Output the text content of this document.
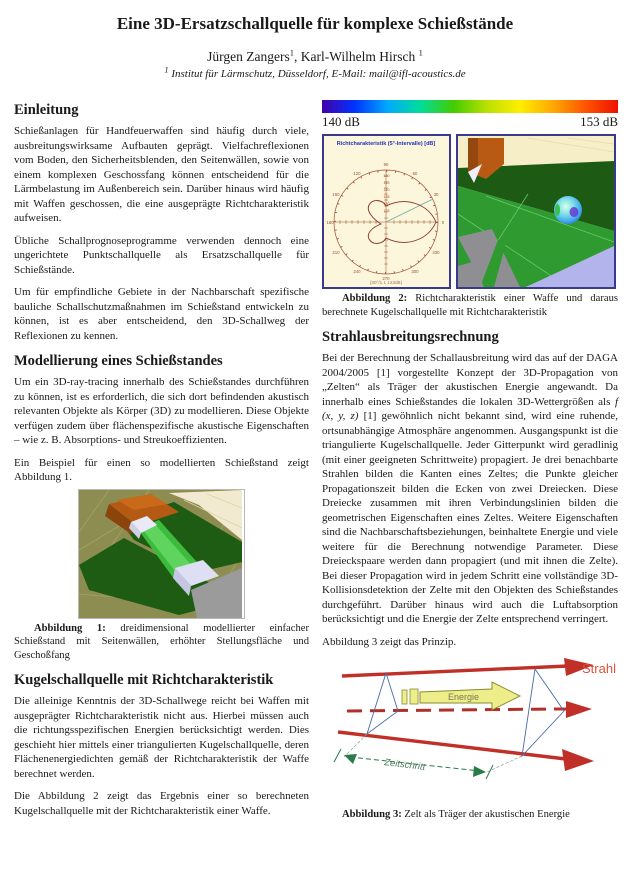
Eine 3D-Ersatzschallquelle für komplexe Schießstände
Jürgen Zangers$^1$, Karl-Wilhelm Hirsch $^1$
$^1$ Institut für Lärmschutz, Düsseldorf, E-Mail: mail@ifl-acoustics.de
Einleitung

Schießanlagen für Handfeuerwaffen sind häufig durch viele, ausbreitungswirksame Aufbauten geprägt. Vielfachreflexionen vom Boden, den Sicherheitsblenden, den Seitenwällen, sowie von einem komplexen Geschossfang können entscheidend für die Lärmbelastung im Außenbereich sein. Darüber hinaus wird häufig mit Waffen geschossen, die eine ausgeprägte Richtcharakteristik aufweisen.

Übliche Schallprognoseprogramme verwenden dennoch eine ungerichtete Punktschallquelle als Ersatzschallquelle für Schießstände.

Um für empfindliche Gebiete in der Nachbarschaft spezifische bauliche Schallschutzmaßnahmen im Schießstand entwickeln zu können, ist es aber entscheidend, den 3D-Schallweg der Reflexionen zu kennen.

Modellierung eines Schießstandes

Um ein 3D-ray-tracing innerhalb des Schießstandes durchführen zu können, ist es erforderlich, die sich dort befindenden akustisch relevanten Objekte als Körper (3D) zu modellieren. Diese Objekte verfügen zudem über flächenspezifische akustische Eigenschaften – wie z. B. Absorptions- und Streukoeffizienten.

Ein Beispiel für einen so modellierten Schießstand zeigt Abbildung 1.

Abbildung 1: dreidimensional modellierter einfacher Schießstand mit Seitenwällen, erhöhter Stellungsfläche und Geschoßfang
Kugelschallquelle mit Richtcharakteristik

Die alleinige Kenntnis der 3D-Schallwege reicht bei Waffen mit ausgeprägter Richtcharakteristik nicht aus. Hierbei müssen auch die richtungsspezifischen Energien berücksichtigt werden. Dies geschieht hier mittels einer triangulierten Kugelschallquelle, deren Flächenenergiedichten gemäß der Richtcharakteristik der Waffe berechnet werden.

Die Abbildung 2 zeigt das Ergebnis einer so berechneten Kugelschallquelle mit der Richtcharakteristik einer Waffe.

140 dB	153 dB
Richtcharakteristik (5°-Intervalle) [dB]
150
145
140
135
130
125
90
60
30
0
330
300
270
240
210
180
150
120
(30°/1.1 123dB)
Abbildung 2: Richtcharakteristik einer Waffe und daraus berechnete Kugelschallquelle mit Richtcharakteristik
Strahlausbreitungsrechnung

Bei der Berechnung der Schallausbreitung wird das auf der DAGA 2004/2005 [1] vorgestellte Konzept der 3D-Propagation von „Zelten“ als Träger der akustischen Energie angewandt. Da innerhalb eines Schießstandes die lokalen 3D-Wettergrößen als f (x, y, z) [1] gewöhnlich nicht bekannt sind, wird eine ruhende, ortsunabhängige Atmosphäre angenommen. Ausgangspunkt ist die triangulierte Kugelschallquelle. Jeder Gitterpunkt wird geradlinig (mit einer geeigneten Schrittweite) propagiert. Je drei benachbarte Strahlen bilden die Kanten eines Zeltes; die Punkte gleicher Propagationszeit bilden die Ecken von zwei Dreiecken. Diese Dreiecke zusammen mit ihren Verbindungslinien bilden die geometrischen Eigenschaften eines Zeltes. Weitere Eigenschaften sind die Nachbarschaftsbeziehungen, beinhaltete Energie und viele weitere für die Berechnung notwendige Parameter. Diese Dreieckspaare werden dann propagiert (und mit ihnen die Zelte). Bei dieser Propagation wird in jedem Schritt eine vollständige 3D-Kollisionsdetektion der Zelte mit den Objekten des Schießstandes durchgeführt. Darüber hinaus wird auch die Luftabsorption berücksichtigt und die Energie der Zelte entsprechend verringert.

Abbildung 3 zeigt das Prinzip.

Strahl
Energie
Zeitschritt
Abbildung 3: Zelt als Träger der akustischen Energie
